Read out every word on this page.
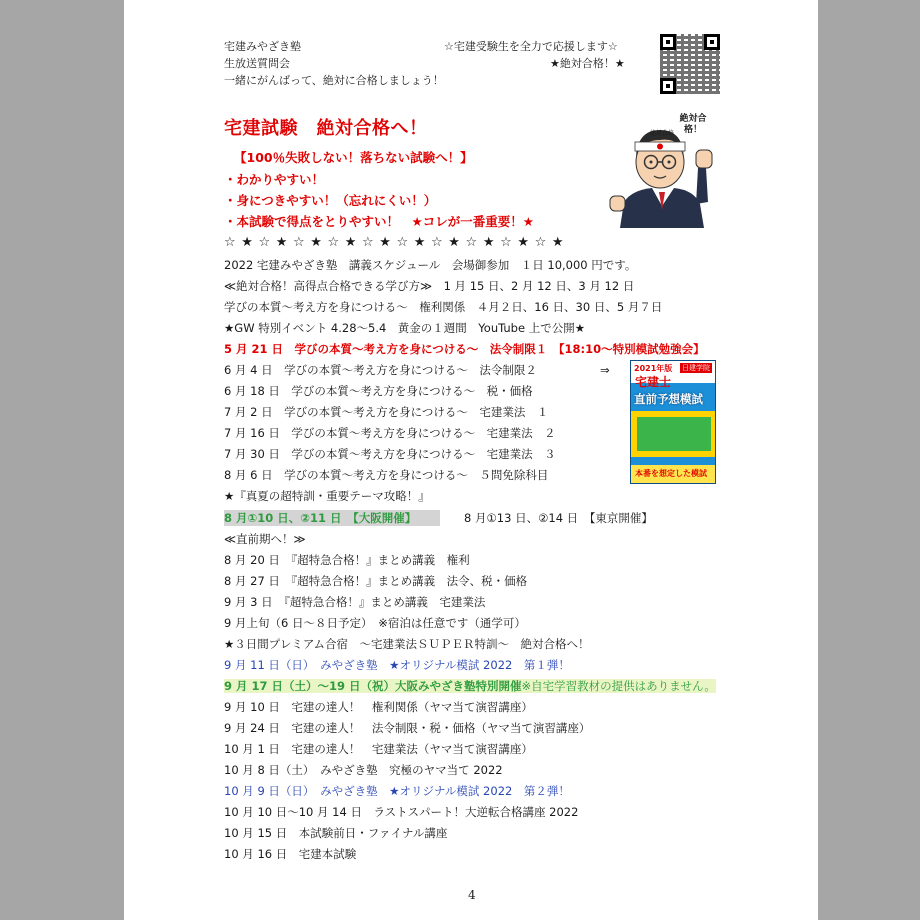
宅建みやざき塾
生放送質問会
一緒にがんばって、絶対に合格しましょう！
☆宅建受験生を全力で応援します☆
★絶対合格！★
宅建試験　絶対合格へ！
【100％失敗しない！落ちない試験へ！】
・わかりやすい！
・身につきやすい！（忘れにくい！）
・本試験で得点をとりやすい！　★コレが一番重要！★
☆★☆★☆★☆★☆★☆★☆★☆★☆★☆★
絶対合格
絶対合格！
2022 宅建みやざき塾　講義スケジュール　会場御参加　１日 10,000 円です。
≪絶対合格！高得点合格できる学び方≫　1 月 15 日、2 月 12 日、3 月 12 日
学びの本質〜考え方を身につける〜　権利関係　４月２日、16 日、30 日、5 月７日
★GW 特別イベント 4.28〜5.4　黄金の１週間　YouTube 上で公開★
5 月 21 日　学びの本質〜考え方を身につける〜　法令制限１　【18:10〜特別模試勉強会】
6 月 4 日　学びの本質〜考え方を身につける〜　法令制限２	⇒
6 月 18 日　学びの本質〜考え方を身につける〜　税・価格
7 月 2 日　学びの本質〜考え方を身につける〜　宅建業法　１
7 月 16 日　学びの本質〜考え方を身につける〜　宅建業法　２
7 月 30 日　学びの本質〜考え方を身につける〜　宅建業法　３
8 月 6 日　学びの本質〜考え方を身につける〜　５問免除科目
★『真夏の超特訓・重要テーマ攻略！』
8 月①10 日、②11 日　【大阪開催】	8 月①13 日、②14 日　【東京開催】
≪直前期へ！≫
8 月 20 日　『超特急合格！』まとめ講義　権利
8 月 27 日　『超特急合格！』まとめ講義　法令、税・価格
9 月 3 日　『超特急合格！』まとめ講義　宅建業法
9 月上旬（6 日〜８日予定）　※宿泊は任意です（通学可）
★３日間プレミアム合宿　〜宅建業法ＳＵＰＥＲ特訓〜　絶対合格へ！
9 月 11 日（日）　みやざき塾　★オリジナル模試 2022　第１弾！
9 月 17 日（土）〜19 日（祝）大阪みやざき塾特別開催※自宅学習教材の提供はありません。
9 月 10 日　宅建の達人！　権利関係（ヤマ当て演習講座）
9 月 24 日　宅建の達人！　法令制限・税・価格（ヤマ当て演習講座）
10 月 1 日　宅建の達人！　宅建業法（ヤマ当て演習講座）
10 月 8 日（土）　みやざき塾　究極のヤマ当て 2022
10 月 9 日（日）　みやざき塾　★オリジナル模試 2022　第２弾！
10 月 10 日〜10 月 14 日　ラストスパート！大逆転合格講座 2022
10 月 15 日　本試験前日・ファイナル講座
10 月 16 日　宅建本試験
2021年版 日建学院
宅建士
直前予想模試
本番を想定した模試
4
